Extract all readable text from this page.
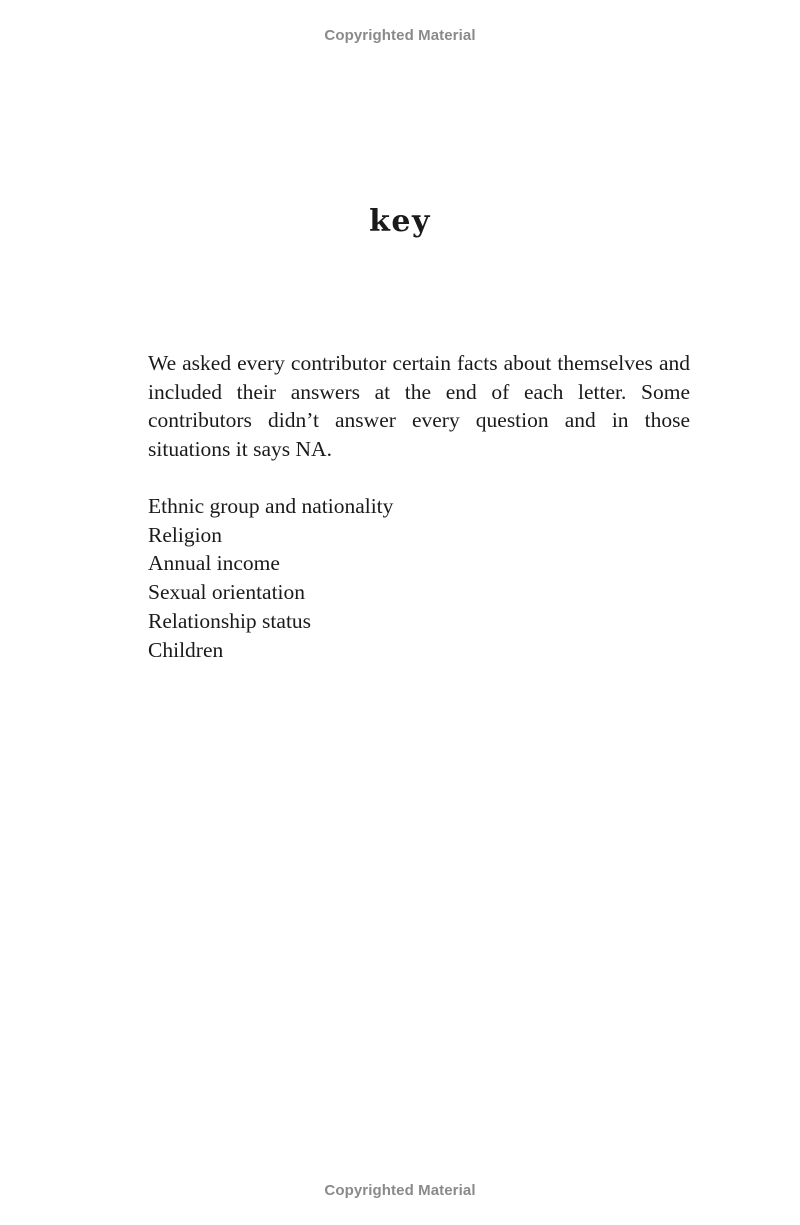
Copyrighted Material
key

We asked every contributor certain facts about themselves and included their answers at the end of each letter. Some contributors didn’t answer every question and in those situations it says NA.

Ethnic group and nationality
Religion
Annual income
Sexual orientation
Relationship status
Children
Copyrighted Material
